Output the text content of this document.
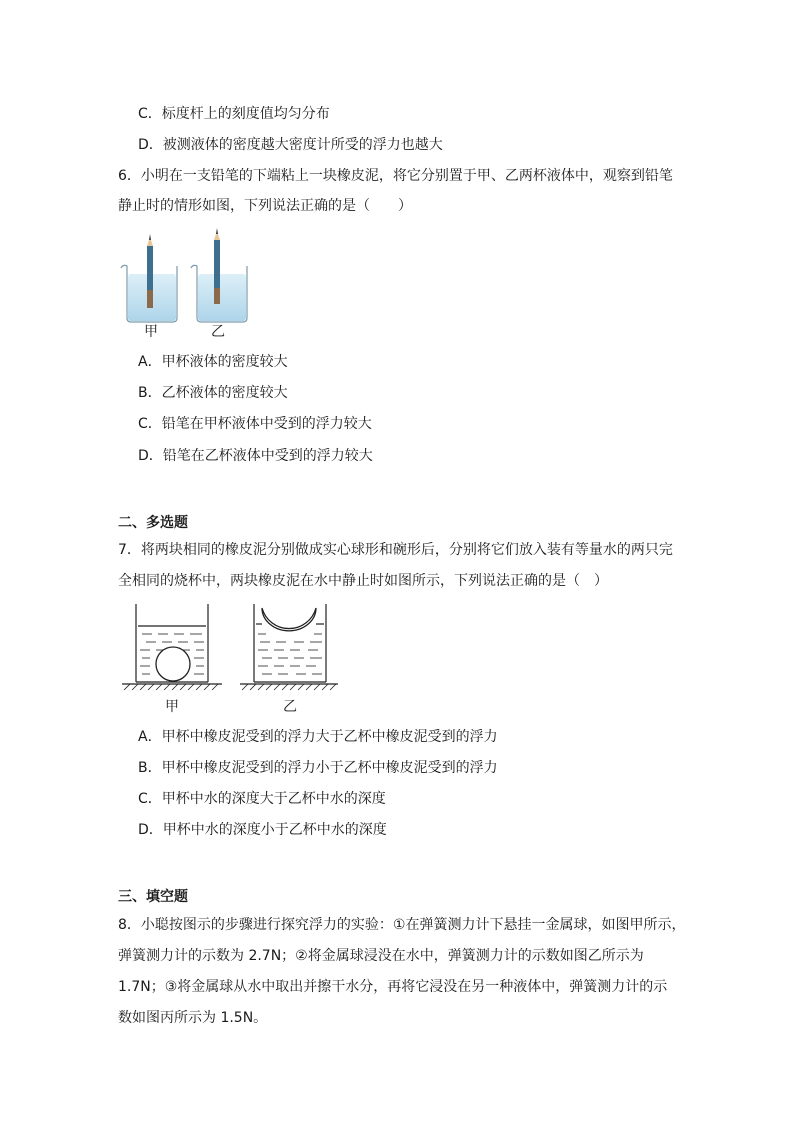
C．标度杆上的刻度值均匀分布
D．被测液体的密度越大密度计所受的浮力也越大
6．小明在一支铅笔的下端粘上一块橡皮泥，将它分别置于甲、乙两杯液体中，观察到铅笔
静止时的情形如图，下列说法正确的是（　　）
甲	乙
A．甲杯液体的密度较大
B．乙杯液体的密度较大
C．铅笔在甲杯液体中受到的浮力较大
D．铅笔在乙杯液体中受到的浮力较大
二、多选题
7．将两块相同的橡皮泥分别做成实心球形和碗形后，分别将它们放入装有等量水的两只完
全相同的烧杯中，两块橡皮泥在水中静止时如图所示，下列说法正确的是（　）
甲	乙
A．甲杯中橡皮泥受到的浮力大于乙杯中橡皮泥受到的浮力
B．甲杯中橡皮泥受到的浮力小于乙杯中橡皮泥受到的浮力
C．甲杯中水的深度大于乙杯中水的深度
D．甲杯中水的深度小于乙杯中水的深度
三、填空题
8．小聪按图示的步骤进行探究浮力的实验：①在弹簧测力计下悬挂一金属球，如图甲所示，
弹簧测力计的示数为 2.7N；②将金属球浸没在水中，弹簧测力计的示数如图乙所示为
1.7N；③将金属球从水中取出并擦干水分，再将它浸没在另一种液体中，弹簧测力计的示
数如图丙所示为 1.5N。
